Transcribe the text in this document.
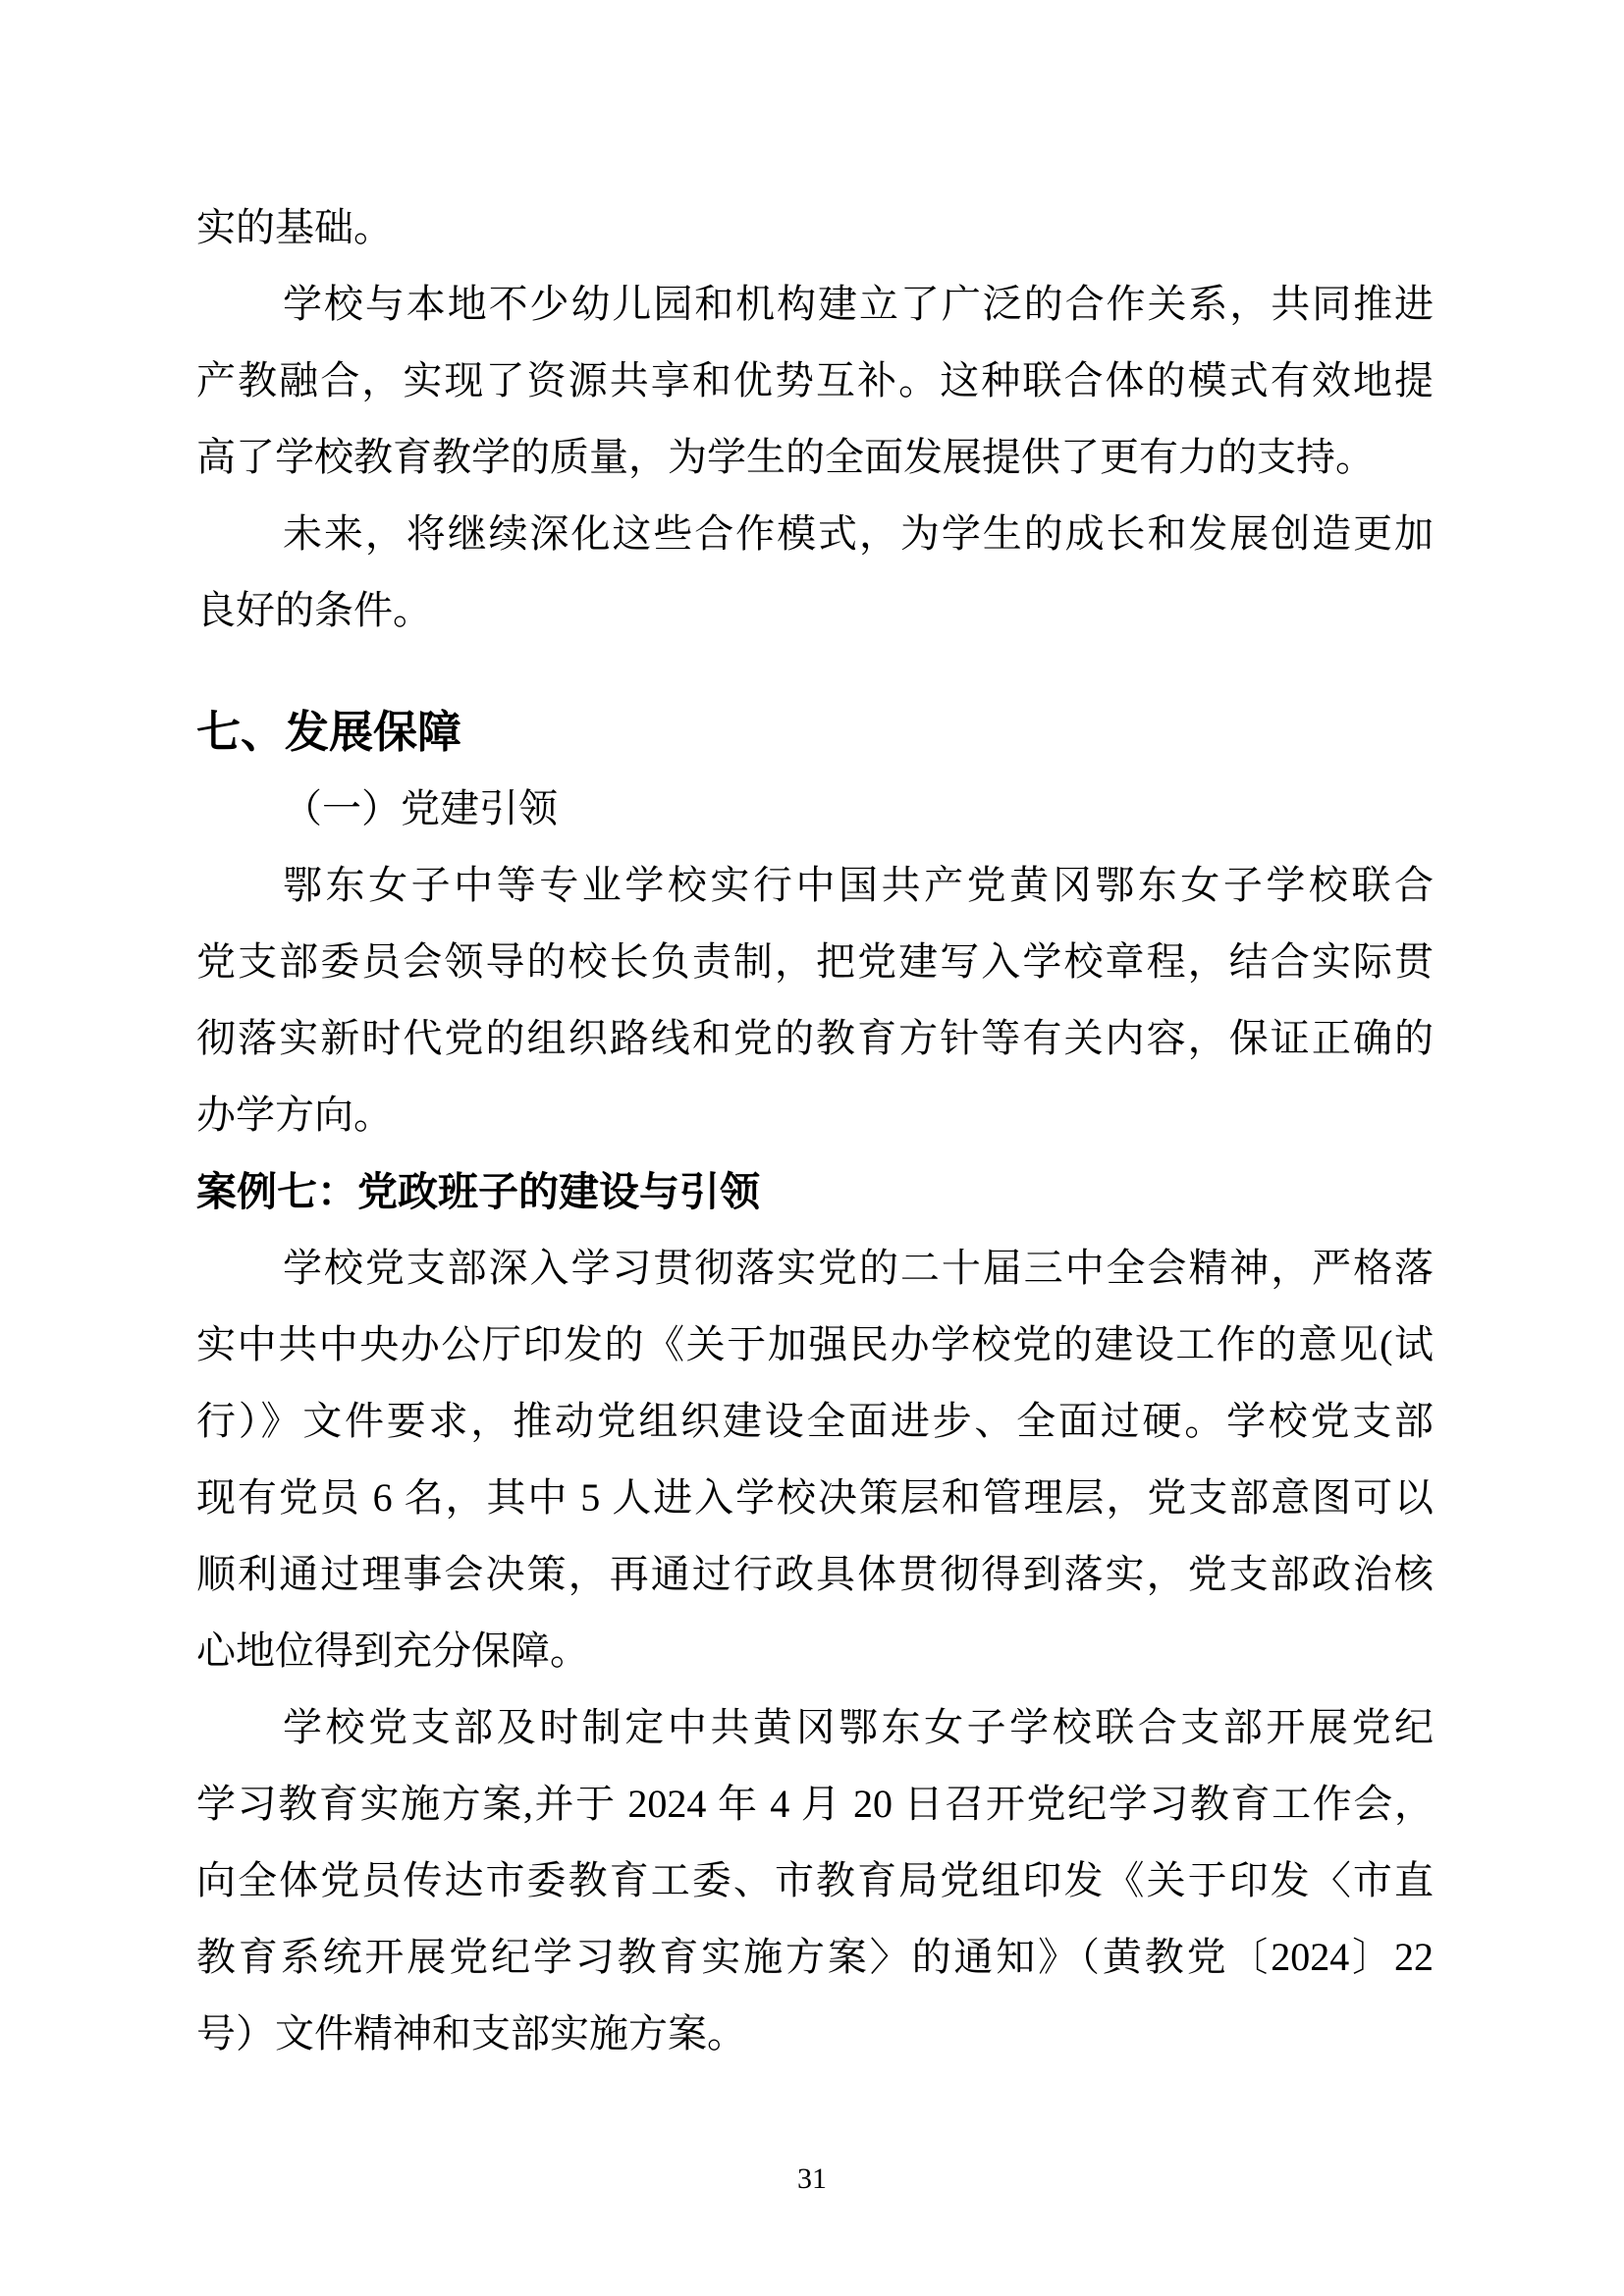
实的基础。
学校与本地不少幼儿园和机构建立了广泛的合作关系，共同推进
产教融合，实现了资源共享和优势互补。这种联合体的模式有效地提
高了学校教育教学的质量，为学生的全面发展提供了更有力的支持。
未来，将继续深化这些合作模式，为学生的成长和发展创造更加
良好的条件。
七、发展保障
（一）党建引领
鄂东女子中等专业学校实行中国共产党黄冈鄂东女子学校联合
党支部委员会领导的校长负责制，把党建写入学校章程，结合实际贯
彻落实新时代党的组织路线和党的教育方针等有关内容，保证正确的
办学方向。
案例七：党政班子的建设与引领
学校党支部深入学习贯彻落实党的二十届三中全会精神，严格落
实中共中央办公厅印发的《关于加强民办学校党的建设工作的意见(试
行）》文件要求，推动党组织建设全面进步、全面过硬。学校党支部
现有党员 6 名，其中 5 人进入学校决策层和管理层，党支部意图可以
顺利通过理事会决策，再通过行政具体贯彻得到落实，党支部政治核
心地位得到充分保障。
学校党支部及时制定中共黄冈鄂东女子学校联合支部开展党纪
学习教育实施方案,并于 2024 年 4 月 20 日召开党纪学习教育工作会，
向全体党员传达市委教育工委、市教育局党组印发《关于印发〈市直
教育系统开展党纪学习教育实施方案〉的通知》（黄教党〔2024〕22
号）文件精神和支部实施方案。
31
